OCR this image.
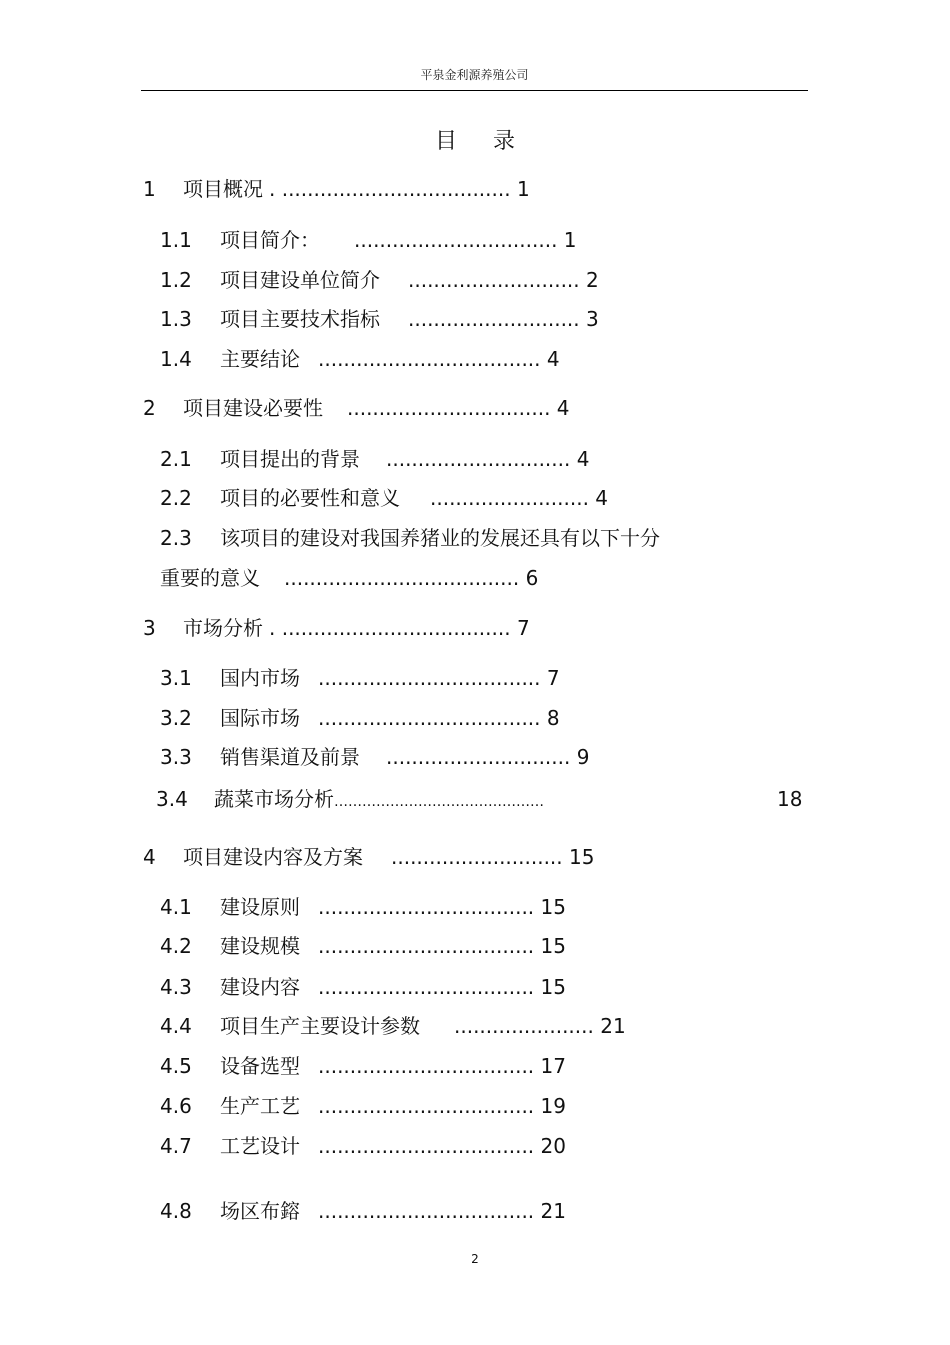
平泉金利源养殖公司
目录
1 项目概况 . .................................... 1
1.1 项目简介： ................................ 1
1.2 项目建设单位简介 ........................... 2
1.3 项目主要技术指标 ........................... 3
1.4 主要结论 ................................... 4
2 项目建设必要性 ................................ 4
2.1 项目提出的背景 ............................. 4
2.2 项目的必要性和意义 ......................... 4
2.3 该项目的建设对我国养猪业的发展还具有以下十分
重要的意义 ..................................... 6
3 市场分析 . .................................... 7
3.1 国内市场 ................................... 7
3.2 国际市场 ................................... 8
3.3 销售渠道及前景 ............................. 9
3.4 蔬菜市场分析………………………………………	18
4 项目建设内容及方案 ........................... 15
4.1 建设原则 .................................. 15
4.2 建设规模 .................................. 15
4.3 建设内容 .................................. 15
4.4 项目生产主要设计参数 ...................... 21
4.5 设备选型 .................................. 17
4.6 生产工艺 .................................. 19
4.7 工艺设计 .................................. 20
4.8 场区布鎔 .................................. 21
2
